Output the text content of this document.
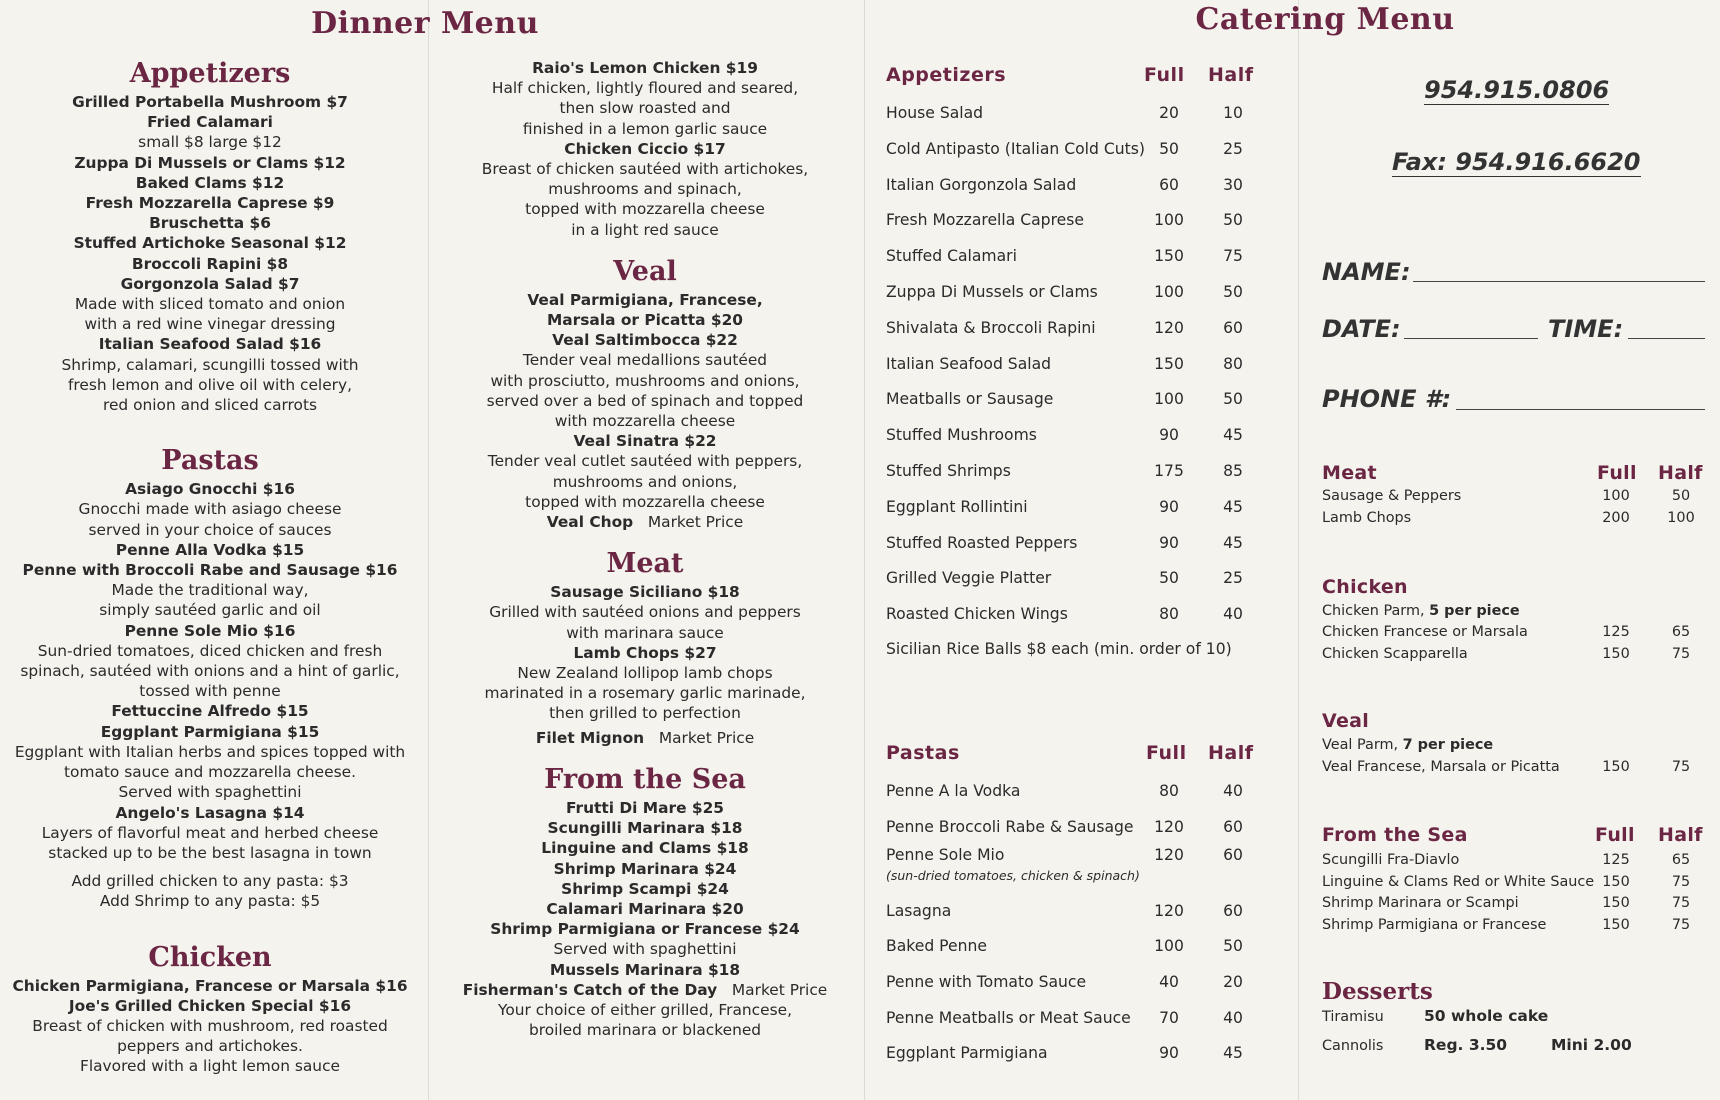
Dinner Menu
Appetizers
Grilled Portabella Mushroom $7
Fried Calamari
small $8 large $12
Zuppa Di Mussels or Clams $12
Baked Clams $12
Fresh Mozzarella Caprese $9
Bruschetta $6
Stuffed Artichoke Seasonal $12
Broccoli Rapini $8
Gorgonzola Salad $7
Made with sliced tomato and onion
with a red wine vinegar dressing
Italian Seafood Salad $16
Shrimp, calamari, scungilli tossed with
fresh lemon and olive oil with celery,
red onion and sliced carrots
Pastas
Asiago Gnocchi $16
Gnocchi made with asiago cheese
served in your choice of sauces
Penne Alla Vodka $15
Penne with Broccoli Rabe and Sausage $16
Made the traditional way,
simply sautéed garlic and oil
Penne Sole Mio $16
Sun-dried tomatoes, diced chicken and fresh
spinach, sautéed with onions and a hint of garlic,
tossed with penne
Fettuccine Alfredo $15
Eggplant Parmigiana $15
Eggplant with Italian herbs and spices topped with
tomato sauce and mozzarella cheese.
Served with spaghettini
Angelo's Lasagna $14
Layers of flavorful meat and herbed cheese
stacked up to be the best lasagna in town
Add grilled chicken to any pasta: $3
Add Shrimp to any pasta: $5
Chicken
Chicken Parmigiana, Francese or Marsala $16
Joe's Grilled Chicken Special $16
Breast of chicken with mushroom, red roasted
peppers and artichokes.
Flavored with a light lemon sauce
Raio's Lemon Chicken $19
Half chicken, lightly floured and seared,
then slow roasted and
finished in a lemon garlic sauce
Chicken Ciccio $17
Breast of chicken sautéed with artichokes,
mushrooms and spinach,
topped with mozzarella cheese
in a light red sauce
Veal
Veal Parmigiana, Francese,
Marsala or Picatta $20
Veal Saltimbocca $22
Tender veal medallions sautéed
with prosciutto, mushrooms and onions,
served over a bed of spinach and topped
with mozzarella cheese
Veal Sinatra $22
Tender veal cutlet sautéed with peppers,
mushrooms and onions,
topped with mozzarella cheese
Veal Chop Market Price
Meat
Sausage Siciliano $18
Grilled with sautéed onions and peppers
with marinara sauce
Lamb Chops $27
New Zealand lollipop lamb chops
marinated in a rosemary garlic marinade,
then grilled to perfection
Filet Mignon Market Price
From the Sea
Frutti Di Mare $25
Scungilli Marinara $18
Linguine and Clams $18
Shrimp Marinara $24
Shrimp Scampi $24
Calamari Marinara $20
Shrimp Parmigiana or Francese $24
Served with spaghettini
Mussels Marinara $18
Fisherman's Catch of the Day Market Price
Your choice of either grilled, Francese,
broiled marinara or blackened
Catering Menu
Appetizers	Full Half
House Salad	20	10
Cold Antipasto (Italian Cold Cuts) 50	25
Italian Gorgonzola Salad	60	30
Fresh Mozzarella Caprese	100	50
Stuffed Calamari	150	75
Zuppa Di Mussels or Clams	100	50
Shivalata & Broccoli Rapini	120	60
Italian Seafood Salad	150	80
Meatballs or Sausage	100	50
Stuffed Mushrooms	90	45
Stuffed Shrimps	175	85
Eggplant Rollintini	90	45
Stuffed Roasted Peppers	90	45
Grilled Veggie Platter	50	25
Roasted Chicken Wings	80	40
Sicilian Rice Balls $8 each (min. order of 10)
Pastas	Full Half
Penne A la Vodka	80	40
Penne Broccoli Rabe & Sausage	120	60
Penne Sole Mio	120	60
Lasagna	120	60
Baked Penne	100	50
Penne with Tomato Sauce	40	20
Penne Meatballs or Meat Sauce	70	40
Eggplant Parmigiana	90	45
(sun-dried tomatoes, chicken & spinach)
954.915.0806
Fax: 954.916.6620
NAME:
DATE:	TIME:
PHONE #:
Meat	Full Half
Sausage & Peppers	100	50
Lamb Chops	200	100
Chicken
Chicken Parm, 5 per piece
Chicken Francese or Marsala	125	65
Chicken Scapparella	150	75
Veal
Veal Parm, 7 per piece
Veal Francese, Marsala or Picatta	150	75
From the Sea	Full Half
Scungilli Fra-Diavlo	125	65
Linguine & Clams Red or White Sauce 150	75
Shrimp Marinara or Scampi	150	75
Shrimp Parmigiana or Francese	150	75
Desserts
Tiramisu	50 whole cake
Cannolis	Reg. 3.50	Mini 2.00
